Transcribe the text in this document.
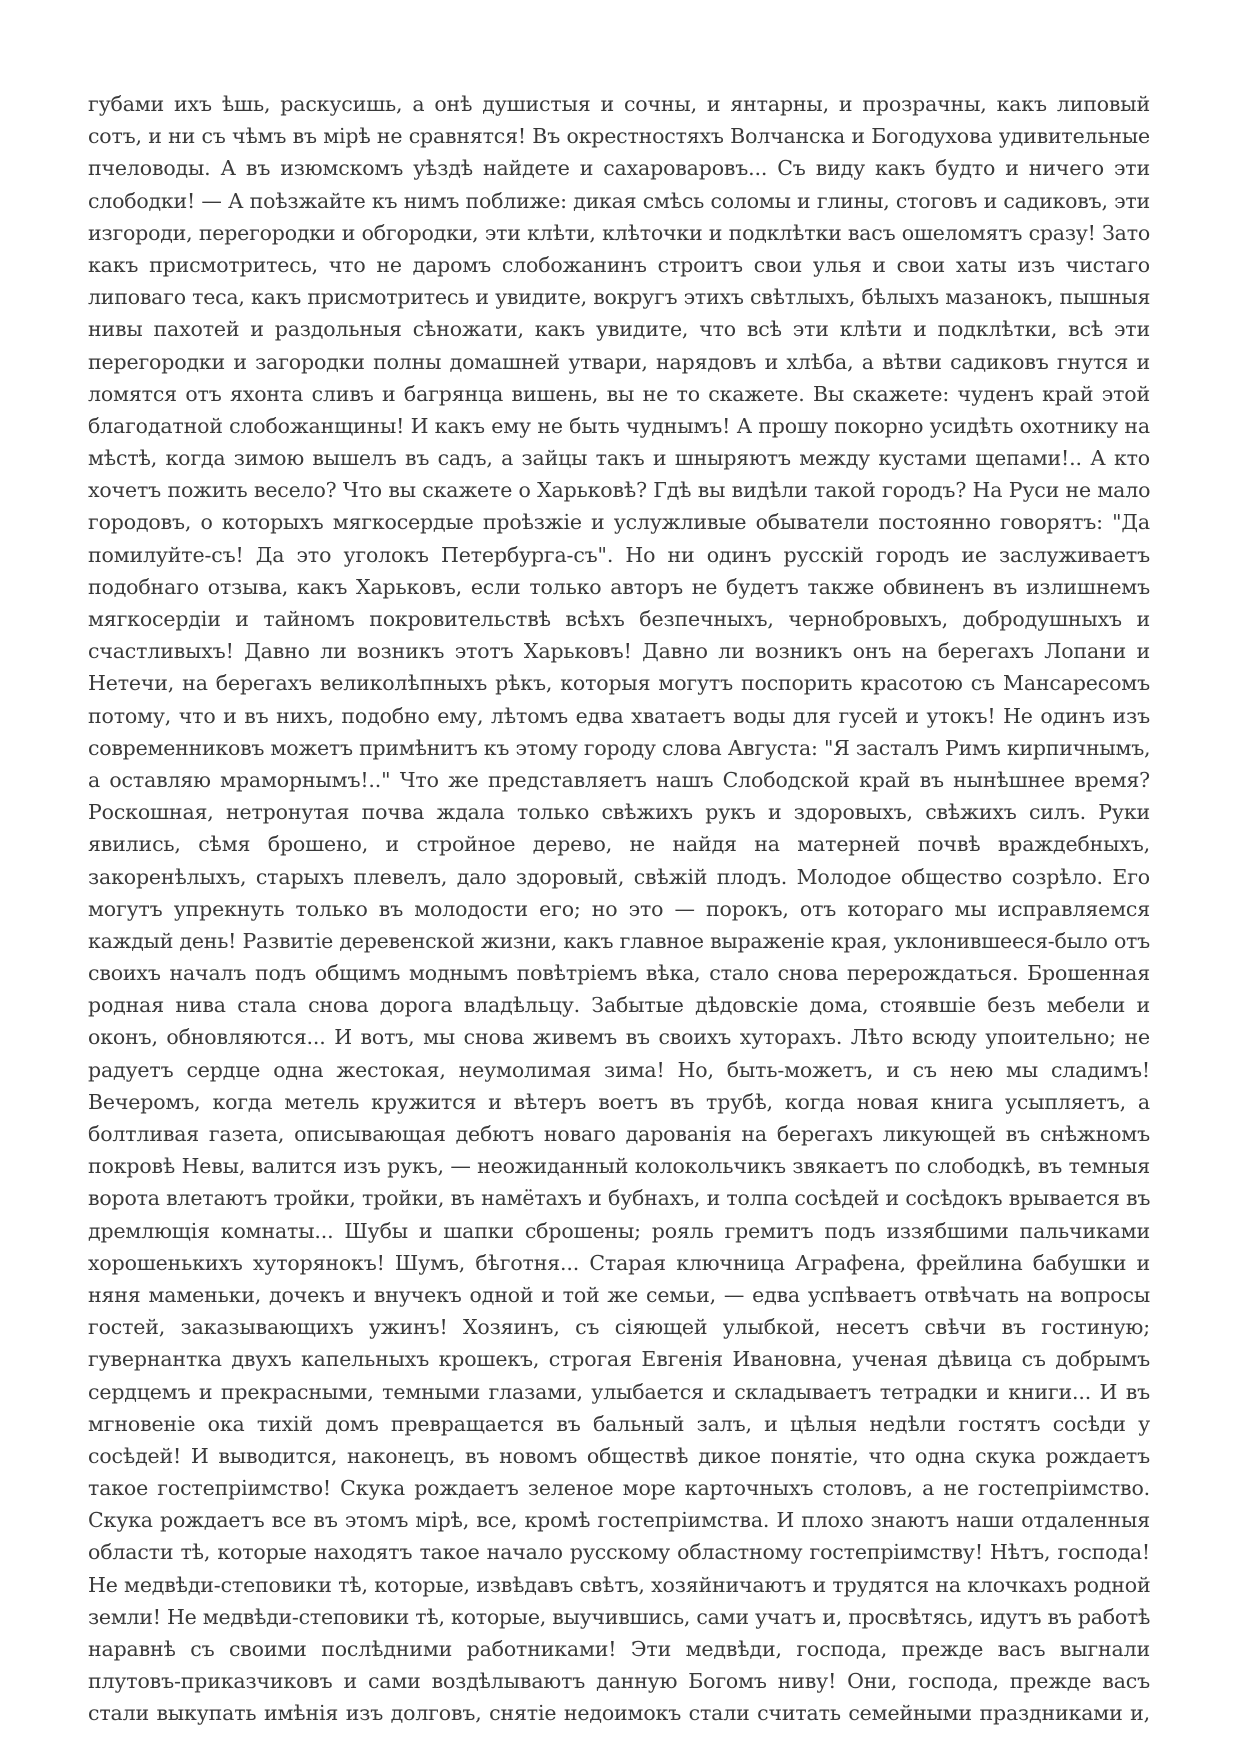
губами ихъ ѣшь, раскусишь, а онѣ душистыя и сочны, и янтарны, и прозрачны, какъ липовый
сотъ, и ни съ чѣмъ въ мірѣ не сравнятся! Въ окрестностяхъ Волчанска и Богодухова удивительные
пчеловоды. А въ изюмскомъ уѣздѣ найдете и сахароваровъ... Съ виду какъ будто и ничего эти
слободки! — А поѣзжайте къ нимъ поближе: дикая смѣсь соломы и глины, стоговъ и садиковъ, эти
изгороди, перегородки и обгородки, эти клѣти, клѣточки и подклѣтки васъ ошеломятъ сразу! Зато
какъ присмотритесь, что не даромъ слобожанинъ строитъ свои улья и свои хаты изъ чистаго
липоваго теса, какъ присмотритесь и увидите, вокругъ этихъ свѣтлыхъ, бѣлыхъ мазанокъ, пышныя
нивы пахотей и раздольныя сѣножати, какъ увидите, что всѣ эти клѣти и подклѣтки, всѣ эти
перегородки и загородки полны домашней утвари, нарядовъ и хлѣба, а вѣтви садиковъ гнутся и
ломятся отъ яхонта сливъ и багрянца вишень, вы не то скажете. Вы скажете: чуденъ край этой
благодатной слобожанщины! И какъ ему не быть чуднымъ! А прошу покорно усидѣть охотнику на
мѣстѣ, когда зимою вышелъ въ садъ, а зайцы такъ и шныряютъ между кустами щепами!.. А кто
хочетъ пожить весело? Что вы скажете о Харьковѣ? Гдѣ вы видѣли такой городъ? На Руси не мало
городовъ, о которыхъ мягкосердые проѣзжіе и услужливые обыватели постоянно говорятъ: "Да
помилуйте-съ! Да это уголокъ Петербурга-съ". Но ни одинъ русскій городъ ие заслуживаетъ
подобнаго отзыва, какъ Харьковъ, если только авторъ не будетъ также обвиненъ въ излишнемъ
мягкосердіи и тайномъ покровительствѣ всѣхъ безпечныхъ, чернобровыхъ, добродушныхъ и
счастливыхъ! Давно ли возникъ этотъ Харьковъ! Давно ли возникъ онъ на берегахъ Лопани и
Нетечи, на берегахъ великолѣпныхъ рѣкъ, которыя могутъ поспорить красотою съ Мансаресомъ
потому, что и въ нихъ, подобно ему, лѣтомъ едва хватаетъ воды для гусей и утокъ! Не одинъ изъ
современниковъ можетъ примѣнитъ къ этому городу слова Августа: "Я засталъ Римъ кирпичнымъ,
а оставляю мраморнымъ!.." Что же представляетъ нашъ Слободской край въ нынѣшнее время?
Роскошная, нетронутая почва ждала только свѣжихъ рукъ и здоровыхъ, свѣжихъ силъ. Руки
явились, сѣмя брошено, и стройное дерево, не найдя на матерней почвѣ враждебныхъ,
закоренѣлыхъ, старыхъ плевелъ, дало здоровый, свѣжій плодъ. Молодое общество созрѣло. Его
могутъ упрекнуть только въ молодости его; но это — порокъ, отъ котораго мы исправляемся
каждый день! Развитіе деревенской жизни, какъ главное выраженіе края, уклонившееся-было отъ
своихъ началъ подъ общимъ моднымъ повѣтріемъ вѣка, стало снова перерождаться. Брошенная
родная нива стала снова дорога владѣльцу. Забытые дѣдовскіе дома, стоявшіе безъ мебели и
оконъ, обновляются... И вотъ, мы снова живемъ въ своихъ хуторахъ. Лѣто всюду упоительно; не
радуетъ сердце одна жестокая, неумолимая зима! Но, быть-можетъ, и съ нею мы сладимъ!
Вечеромъ, когда метель кружится и вѣтеръ воетъ въ трубѣ, когда новая книга усыпляетъ, а
болтливая газета, описывающая дебютъ новаго дарованія на берегахъ ликующей въ снѣжномъ
покровѣ Невы, валится изъ рукъ, — неожиданный колокольчикъ звякаетъ по слободкѣ, въ темныя
ворота влетаютъ тройки, тройки, въ намётахъ и бубнахъ, и толпа сосѣдей и сосѣдокъ врывается въ
дремлющія комнаты... Шубы и шапки сброшены; рояль гремитъ подъ иззябшими пальчиками
хорошенькихъ хуторянокъ! Шумъ, бѣготня... Старая ключница Аграфена, фрейлина бабушки и
няня маменьки, дочекъ и внучекъ одной и той же семьи, — едва успѣваетъ отвѣчать на вопросы
гостей, заказывающихъ ужинъ! Хозяинъ, съ сіяющей улыбкой, несетъ свѣчи въ гостиную;
гувернантка двухъ капельныхъ крошекъ, строгая Евгенія Ивановна, ученая дѣвица съ добрымъ
сердцемъ и прекрасными, темными глазами, улыбается и складываетъ тетрадки и книги... И въ
мгновеніе ока тихій домъ превращается въ бальный залъ, и цѣлыя недѣли гостятъ сосѣди у
сосѣдей! И выводится, наконецъ, въ новомъ обществѣ дикое понятіе, что одна скука рождаетъ
такое гостепріимство! Скука рождаетъ зеленое море карточныхъ столовъ, а не гостепріимство.
Скука рождаетъ все въ этомъ мірѣ, все, кромѣ гостепріимства. И плохо знаютъ наши отдаленныя
области тѣ, которые находятъ такое начало русскому областному гостепріимству! Нѣтъ, господа!
Не медвѣди-степовики тѣ, которые, извѣдавъ свѣтъ, хозяйничаютъ и трудятся на клочкахъ родной
земли! Не медвѣди-степовики тѣ, которые, выучившись, сами учатъ и, просвѣтясь, идутъ въ работѣ
наравнѣ съ своими послѣдними работниками! Эти медвѣди, господа, прежде васъ выгнали
плутовъ-приказчиковъ и сами воздѣлываютъ данную Богомъ ниву! Они, господа, прежде васъ
стали выкупать имѣнія изъ долговъ, снятіе недоимокъ стали считать семейными праздниками и,
